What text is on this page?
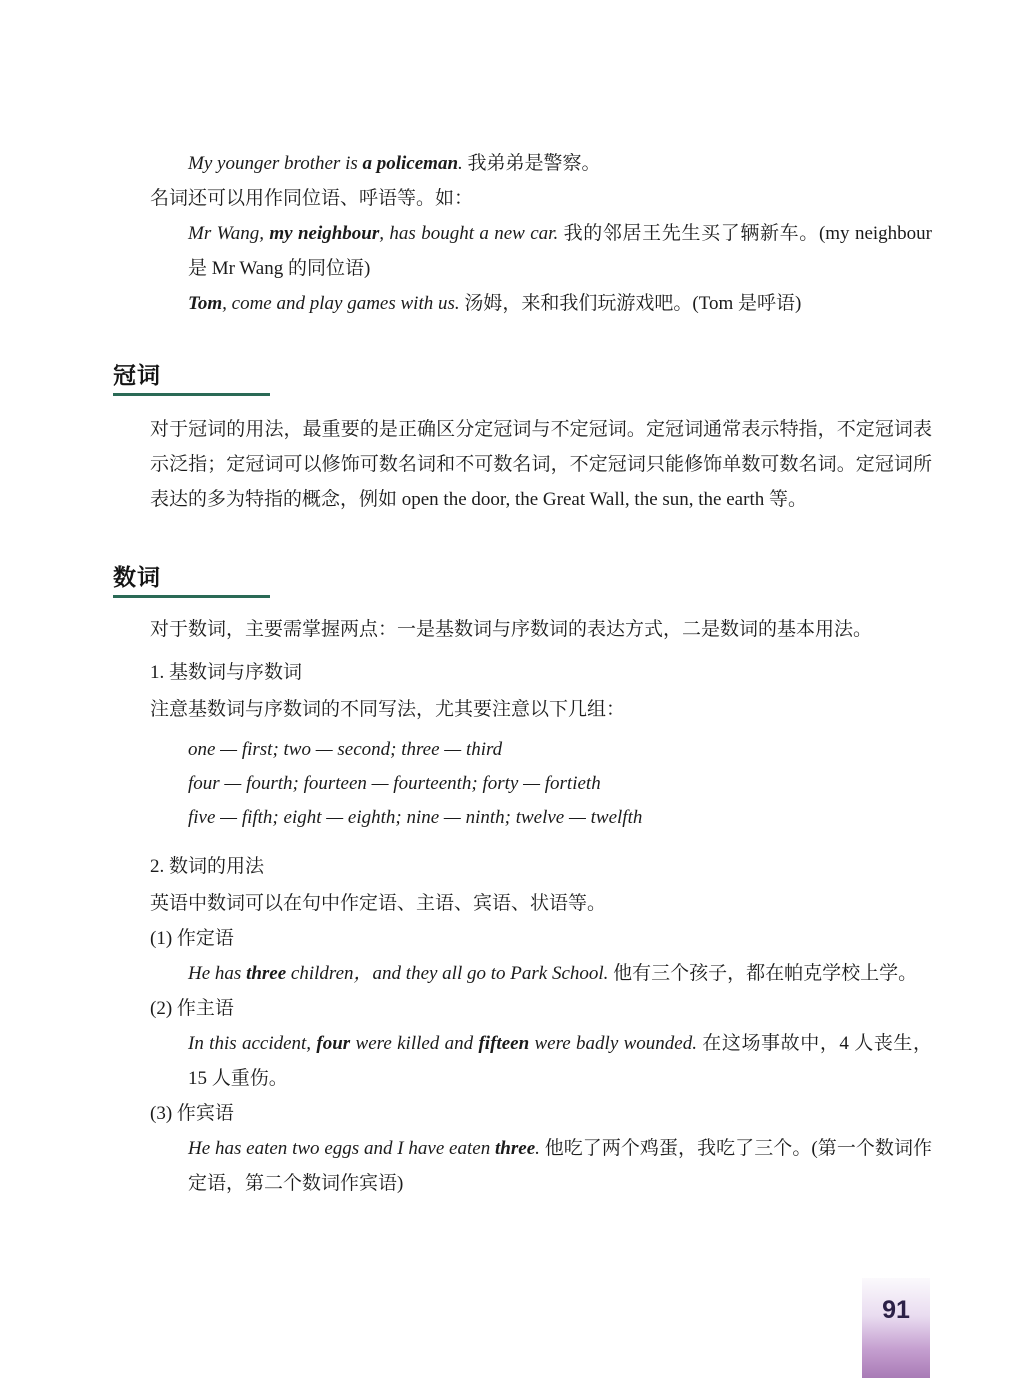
My younger brother is a policeman. 我弟弟是警察。

名词还可以用作同位语、呼语等。如：

Mr Wang, my neighbour, has bought a new car. 我的邻居王先生买了辆新车。(my neighbour 是 Mr Wang 的同位语)

Tom, come and play games with us. 汤姆，来和我们玩游戏吧。(Tom 是呼语)

冠词

对于冠词的用法，最重要的是正确区分定冠词与不定冠词。定冠词通常表示特指，不定冠词表示泛指；定冠词可以修饰可数名词和不可数名词，不定冠词只能修饰单数可数名词。定冠词所表达的多为特指的概念，例如 open the door, the Great Wall, the sun, the earth 等。

数词

对于数词，主要需掌握两点：一是基数词与序数词的表达方式，二是数词的基本用法。

1. 基数词与序数词

注意基数词与序数词的不同写法，尤其要注意以下几组：

one — first; two — second; three — third

four — fourth; fourteen — fourteenth; forty — fortieth

five — fifth; eight — eighth; nine — ninth; twelve — twelfth

2. 数词的用法

英语中数词可以在句中作定语、主语、宾语、状语等。

(1) 作定语

He has three children，and they all go to Park School. 他有三个孩子，都在帕克学校上学。

(2) 作主语

In this accident, four were killed and fifteen were badly wounded. 在这场事故中，4 人丧生，15 人重伤。

(3) 作宾语

He has eaten two eggs and I have eaten three. 他吃了两个鸡蛋，我吃了三个。(第一个数词作定语，第二个数词作宾语)

91
